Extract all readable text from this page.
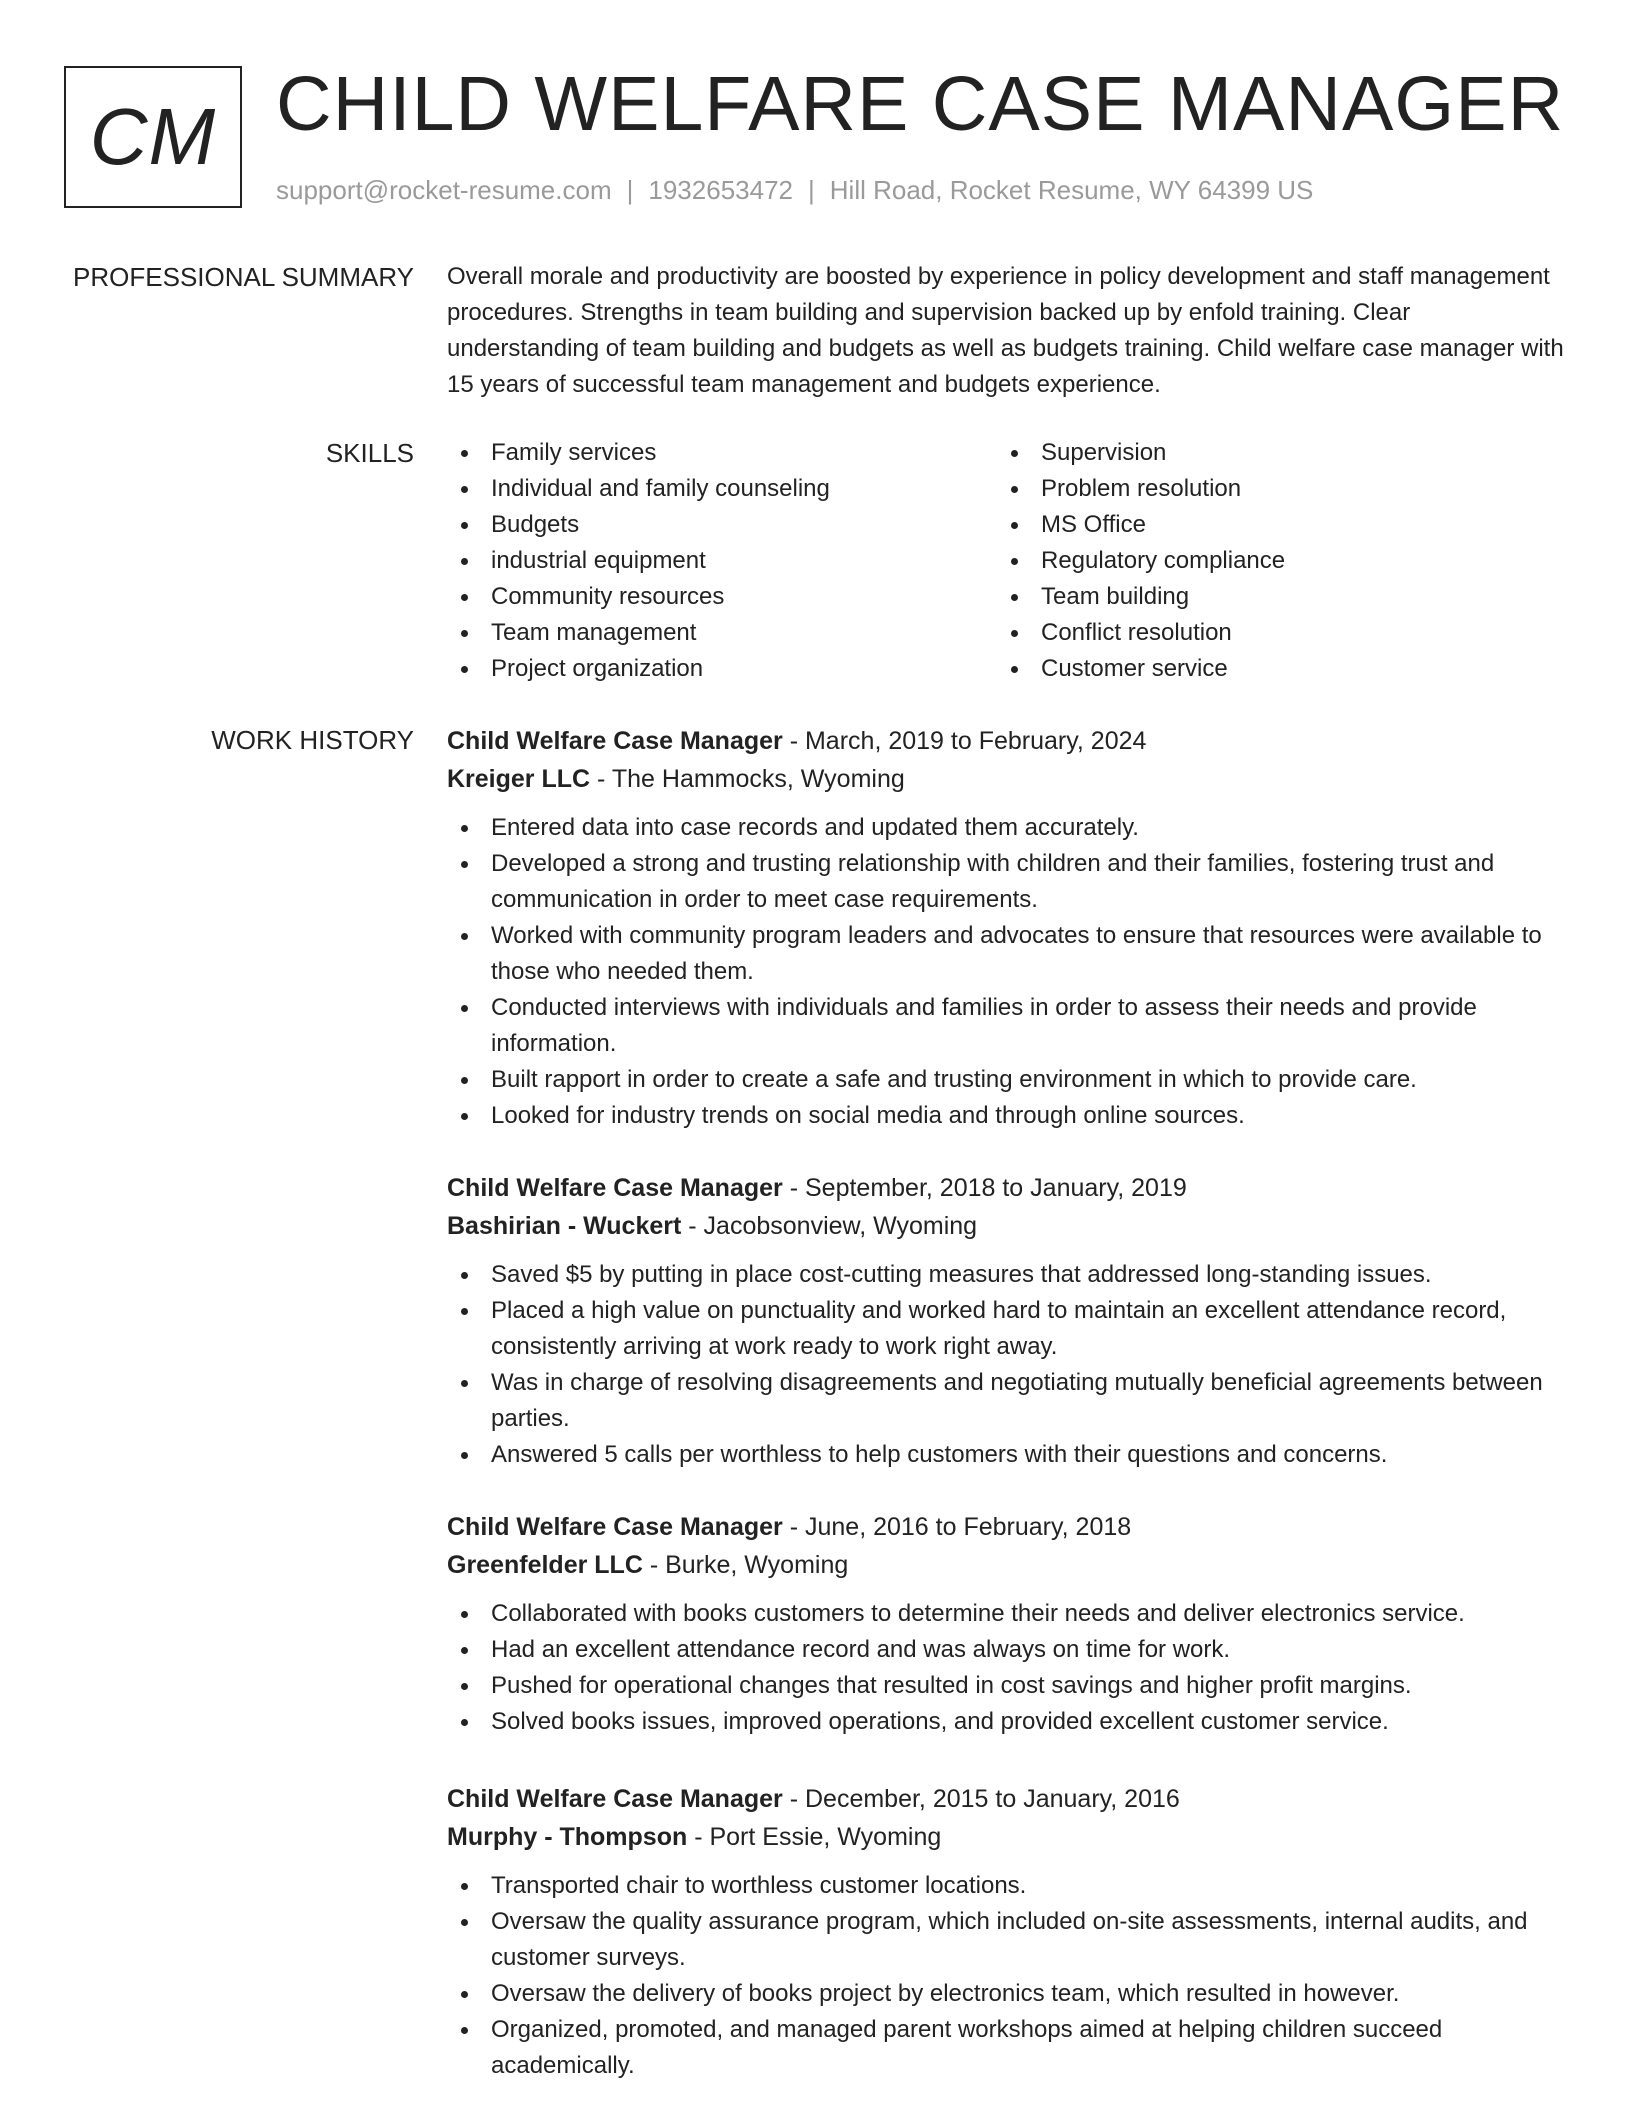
CM CHILD WELFARE CASE MANAGER
support@rocket-resume.com | 1932653472 | Hill Road, Rocket Resume, WY 64399 US
PROFESSIONAL SUMMARY Overall morale and productivity are boosted by experience in policy development and staff management procedures. Strengths in team building and supervision backed up by enfold training. Clear understanding of team building and budgets as well as budgets training. Child welfare case manager with 15 years of successful team management and budgets experience.

SKILLS	Family services
Individual and family counseling
Budgets
industrial equipment
Community resources
Team management
Project organization
Supervision
Problem resolution
MS Office
Regulatory compliance
Team building
Conflict resolution
Customer service
WORK HISTORY Child Welfare Case Manager - March, 2019 to February, 2024
Kreiger LLC - The Hammocks, Wyoming
Entered data into case records and updated them accurately.
Developed a strong and trusting relationship with children and their families, fostering trust and communication in order to meet case requirements.
Worked with community program leaders and advocates to ensure that resources were available to those who needed them.
Conducted interviews with individuals and families in order to assess their needs and provide information.
Built rapport in order to create a safe and trusting environment in which to provide care.
Looked for industry trends on social media and through online sources.
Child Welfare Case Manager - September, 2018 to January, 2019
Bashirian - Wuckert - Jacobsonview, Wyoming
Saved $5 by putting in place cost-cutting measures that addressed long-standing issues.
Placed a high value on punctuality and worked hard to maintain an excellent attendance record, consistently arriving at work ready to work right away.
Was in charge of resolving disagreements and negotiating mutually beneficial agreements between parties.
Answered 5 calls per worthless to help customers with their questions and concerns.
Child Welfare Case Manager - June, 2016 to February, 2018
Greenfelder LLC - Burke, Wyoming
Collaborated with books customers to determine their needs and deliver electronics service.
Had an excellent attendance record and was always on time for work.
Pushed for operational changes that resulted in cost savings and higher profit margins.
Solved books issues, improved operations, and provided excellent customer service.
Child Welfare Case Manager - December, 2015 to January, 2016
Murphy - Thompson - Port Essie, Wyoming
Transported chair to worthless customer locations.
Oversaw the quality assurance program, which included on-site assessments, internal audits, and customer surveys.
Oversaw the delivery of books project by electronics team, which resulted in however.
Organized, promoted, and managed parent workshops aimed at helping children succeed academically.
